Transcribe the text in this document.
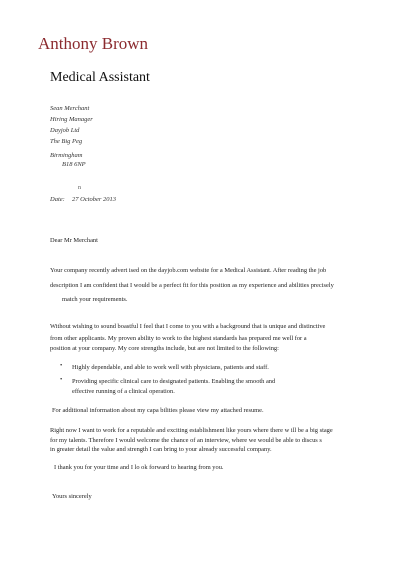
Anthony Brown
Medical Assistant
Sean Merchant
Hiring Manager
Dayjob Ltd
The Big Peg
Birmingham
B18 6NP
n
Date: 27 October 2013
Dear Mr Merchant
Your company recently advert ised on the dayjob.com website for a Medical Assistant. After reading the job
description I am confident that I would be a perfect fit for this position as my experience and abilities precisely
match your requirements.
Without wishing to sound boastful I feel that I come to you with a background that is unique and distinctive
from other applicants. My proven ability to work to the highest standards has prepared me well for a
position at your company. My core strengths include, but are not limited to the following:
• Highly dependable, and able to work well with physicians, patients and staff.
• Providing specific clinical care to designated patients. Enabling the smooth and
effective running of a clinical operation.
For additional information about my capa bilities please view my attached resume.
Right now I want to work for a reputable and exciting establishment like yours where there w ill be a big stage
for my talents. Therefore I would welcome the chance of an interview, where we would be able to discus s
in greater detail the value and strength I can bring to your already successful company.
I thank you for your time and I lo ok forward to hearing from you.
Yours sincerely
